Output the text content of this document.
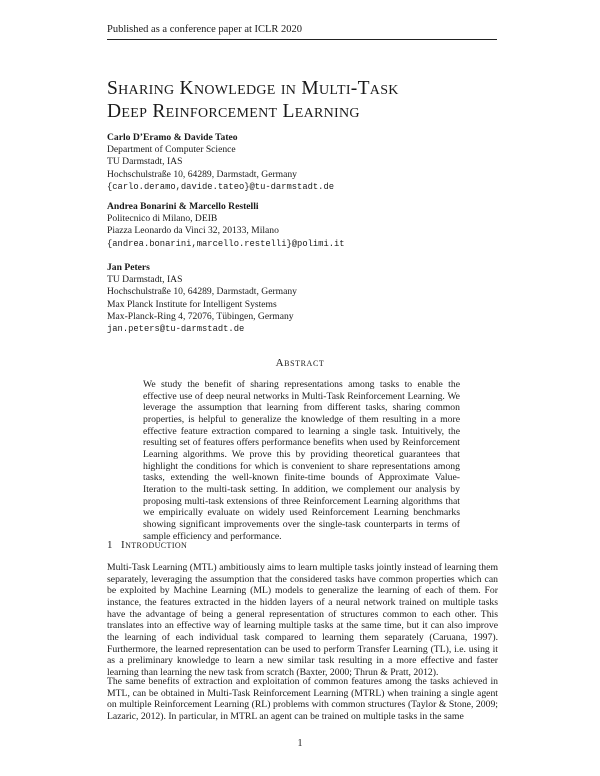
Published as a conference paper at ICLR 2020
Sharing Knowledge in Multi-Task
Deep Reinforcement Learning
Carlo D’Eramo & Davide Tateo
Department of Computer Science
TU Darmstadt, IAS
Hochschulstraße 10, 64289, Darmstadt, Germany
{carlo.deramo,davide.tateo}@tu-darmstadt.de
Andrea Bonarini & Marcello Restelli
Politecnico di Milano, DEIB
Piazza Leonardo da Vinci 32, 20133, Milano
{andrea.bonarini,marcello.restelli}@polimi.it
Jan Peters
TU Darmstadt, IAS
Hochschulstraße 10, 64289, Darmstadt, Germany
Max Planck Institute for Intelligent Systems
Max-Planck-Ring 4, 72076, Tübingen, Germany
jan.peters@tu-darmstadt.de
Abstract
We study the benefit of sharing representations among tasks to enable the effective use of deep neural networks in Multi-Task Reinforcement Learning. We leverage the assumption that learning from different tasks, sharing common properties, is helpful to generalize the knowledge of them resulting in a more effective feature extraction compared to learning a single task. Intuitively, the resulting set of features offers performance benefits when used by Reinforcement Learning algorithms. We prove this by providing theoretical guarantees that highlight the conditions for which is convenient to share representations among tasks, extending the well-known finite-time bounds of Approximate Value-Iteration to the multi-task setting. In addition, we complement our analysis by proposing multi-task extensions of three Reinforcement Learning algorithms that we empirically evaluate on widely used Reinforcement Learning benchmarks showing significant improvements over the single-task counterparts in terms of sample efficiency and performance.
1 Introduction
Multi-Task Learning (MTL) ambitiously aims to learn multiple tasks jointly instead of learning them separately, leveraging the assumption that the considered tasks have common properties which can be exploited by Machine Learning (ML) models to generalize the learning of each of them. For instance, the features extracted in the hidden layers of a neural network trained on multiple tasks have the advantage of being a general representation of structures common to each other. This translates into an effective way of learning multiple tasks at the same time, but it can also improve the learning of each individual task compared to learning them separately (Caruana, 1997). Furthermore, the learned representation can be used to perform Transfer Learning (TL), i.e. using it as a preliminary knowledge to learn a new similar task resulting in a more effective and faster learning than learning the new task from scratch (Baxter, 2000; Thrun & Pratt, 2012).
The same benefits of extraction and exploitation of common features among the tasks achieved in MTL, can be obtained in Multi-Task Reinforcement Learning (MTRL) when training a single agent on multiple Reinforcement Learning (RL) problems with common structures (Taylor & Stone, 2009; Lazaric, 2012). In particular, in MTRL an agent can be trained on multiple tasks in the same
1
